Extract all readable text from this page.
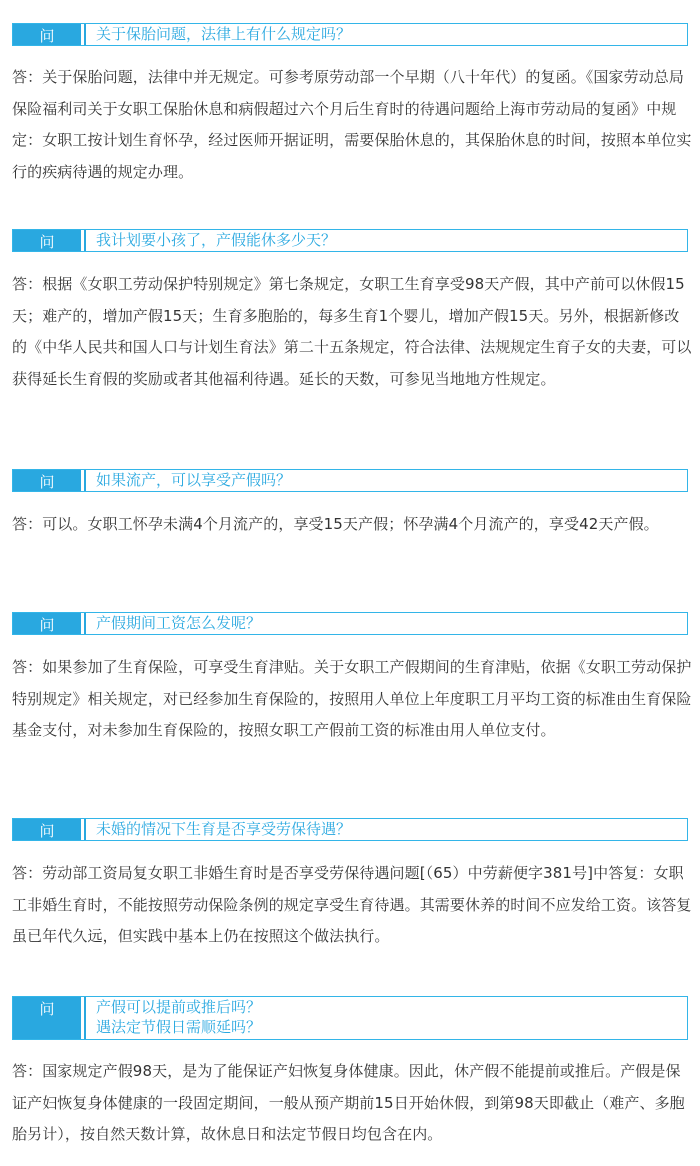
问	关于保胎问题，法律上有什么规定吗？

答：关于保胎问题，法律中并无规定。可参考原劳动部一个早期（八十年代）的复函。《国家劳动总局保险福利司关于女职工保胎休息和病假超过六个月后生育时的待遇问题给上海市劳动局的复函》中规定：女职工按计划生育怀孕，经过医师开据证明，需要保胎休息的，其保胎休息的时间，按照本单位实行的疾病待遇的规定办理。

问	我计划要小孩了，产假能休多少天？

答：根据《女职工劳动保护特别规定》第七条规定，女职工生育享受98天产假，其中产前可以休假15天；难产的，增加产假15天；生育多胞胎的，每多生育1个婴儿，增加产假15天。另外，根据新修改的《中华人民共和国人口与计划生育法》第二十五条规定，符合法律、法规规定生育子女的夫妻，可以获得延长生育假的奖励或者其他福利待遇。延长的天数，可参见当地地方性规定。

问	如果流产，可以享受产假吗？

答：可以。女职工怀孕未满4个月流产的，享受15天产假；怀孕满4个月流产的，享受42天产假。

问	产假期间工资怎么发呢？

答：如果参加了生育保险，可享受生育津贴。关于女职工产假期间的生育津贴，依据《女职工劳动保护特别规定》相关规定，对已经参加生育保险的，按照用人单位上年度职工月平均工资的标准由生育保险基金支付，对未参加生育保险的，按照女职工产假前工资的标准由用人单位支付。

问	未婚的情况下生育是否享受劳保待遇？

答：劳动部工资局复女职工非婚生育时是否享受劳保待遇问题[（65）中劳薪便字381号]中答复：女职工非婚生育时，不能按照劳动保险条例的规定享受生育待遇。其需要休养的时间不应发给工资。该答复虽已年代久远，但实践中基本上仍在按照这个做法执行。

问	产假可以提前或推后吗？
遇法定节假日需顺延吗？

答：国家规定产假98天，是为了能保证产妇恢复身体健康。因此，休产假不能提前或推后。产假是保证产妇恢复身体健康的一段固定期间，一般从预产期前15日开始休假，到第98天即截止（难产、多胞胎另计），按自然天数计算，故休息日和法定节假日均包含在内。
